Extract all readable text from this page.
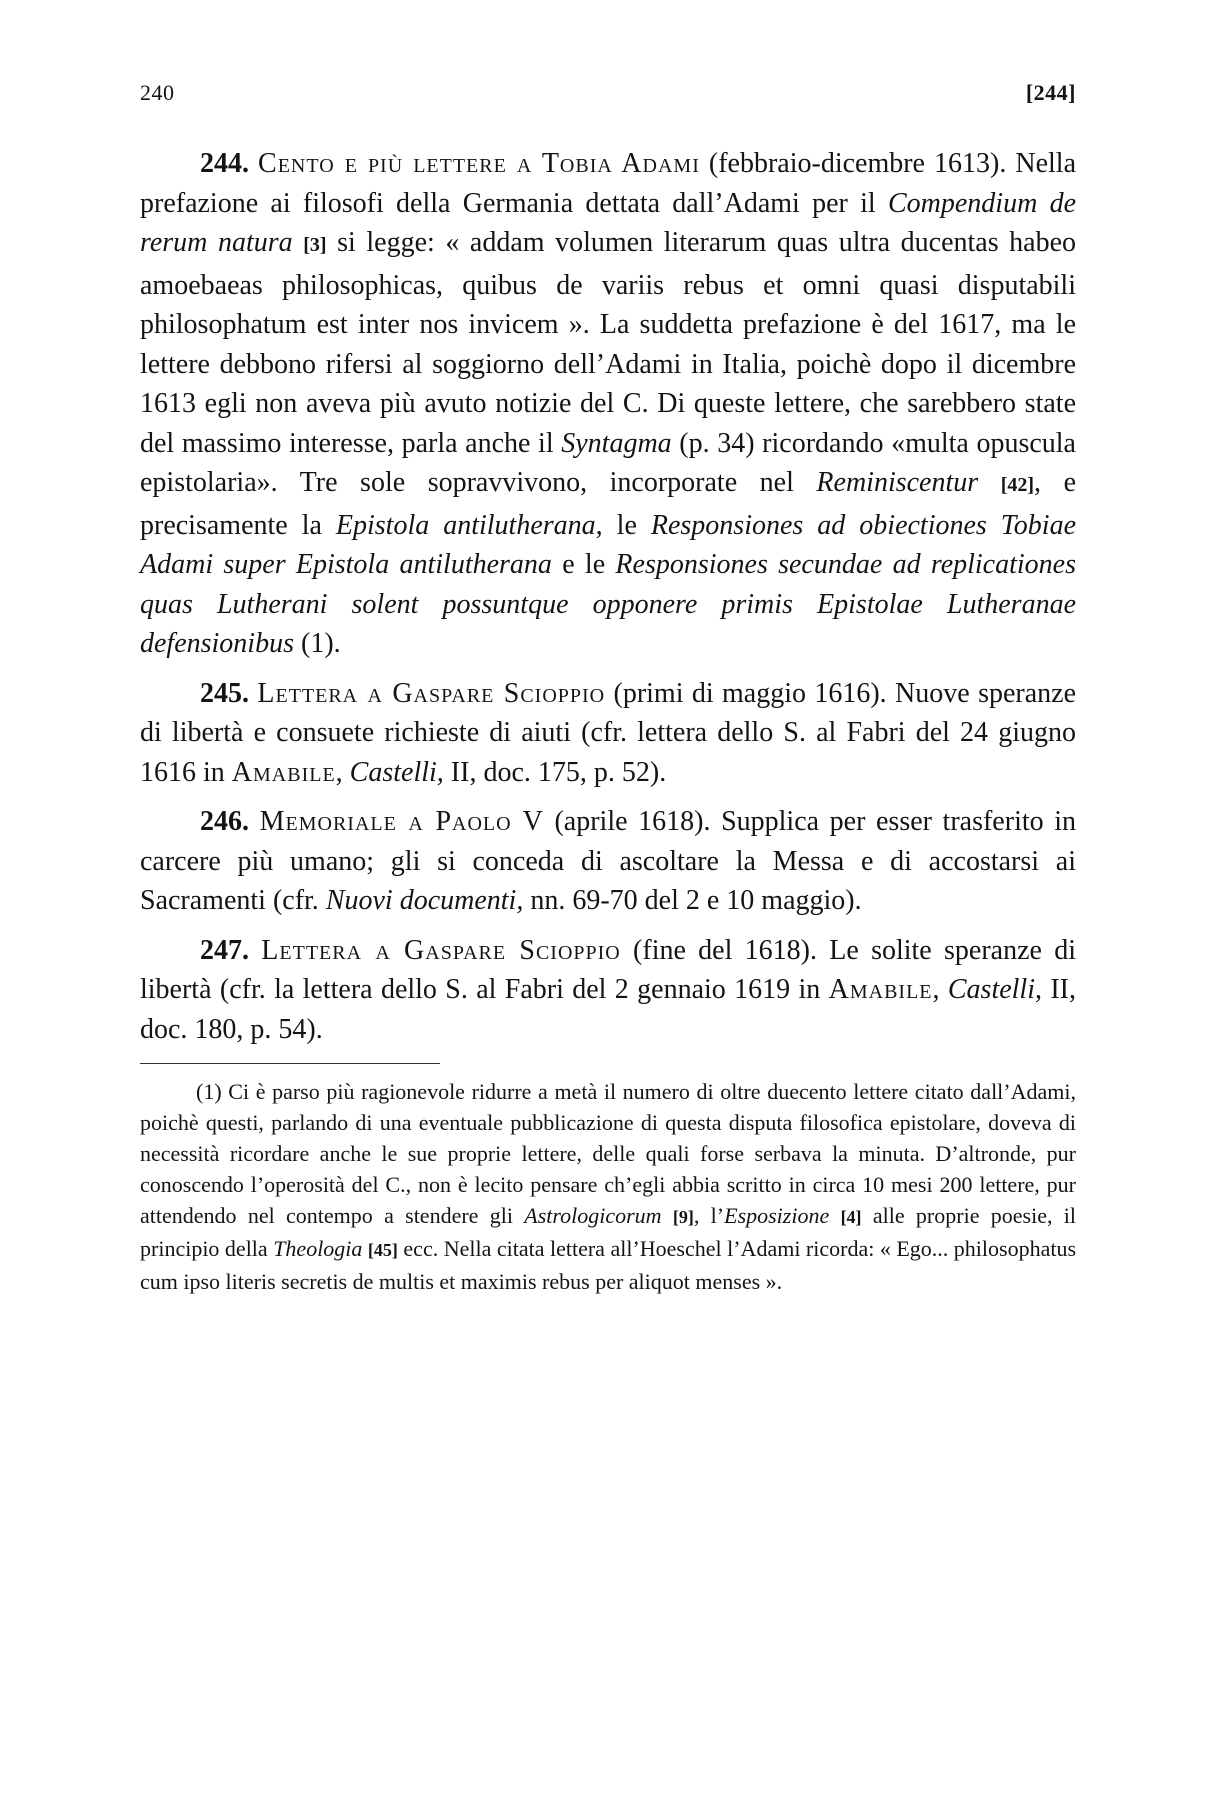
240	[244]

244. Cento e più lettere a Tobia Adami (febbraio-dicembre 1613). Nella prefazione ai filosofi della Germania dettata dall’Adami per il Compendium de rerum natura [3] si legge: « addam volumen literarum quas ultra ducentas habeo amoebaeas philosophicas, quibus de variis rebus et omni quasi disputabili philosophatum est inter nos invicem ». La suddetta prefazione è del 1617, ma le lettere debbono rifersi al soggiorno dell’Adami in Italia, poichè dopo il dicembre 1613 egli non aveva più avuto notizie del C. Di queste lettere, che sarebbero state del massimo interesse, parla anche il Syntagma (p. 34) ricordando «multa opuscula epistolaria». Tre sole sopravvivono, incorporate nel Reminiscentur [42], e precisamente la Epistola antilutherana, le Responsiones ad obiectiones Tobiae Adami super Epistola antilutherana e le Responsiones secundae ad replicationes quas Lutherani solent possuntque opponere primis Epistolae Lutheranae defensionibus (1).

245. Lettera a Gaspare Scioppio (primi di maggio 1616). Nuove speranze di libertà e consuete richieste di aiuti (cfr. lettera dello S. al Fabri del 24 giugno 1616 in Amabile, Castelli, II, doc. 175, p. 52).

246. Memoriale a Paolo V (aprile 1618). Supplica per esser trasferito in carcere più umano; gli si conceda di ascoltare la Messa e di accostarsi ai Sacramenti (cfr. Nuovi documenti, nn. 69-70 del 2 e 10 maggio).

247. Lettera a Gaspare Scioppio (fine del 1618). Le solite speranze di libertà (cfr. la lettera dello S. al Fabri del 2 gennaio 1619 in Amabile, Castelli, II, doc. 180, p. 54).

(1) Ci è parso più ragionevole ridurre a metà il numero di oltre duecento lettere citato dall’Adami, poichè questi, parlando di una eventuale pubblicazione di questa disputa filosofica epistolare, doveva di necessità ricordare anche le sue proprie lettere, delle quali forse serbava la minuta. D’altronde, pur conoscendo l’operosità del C., non è lecito pensare ch’egli abbia scritto in circa 10 mesi 200 lettere, pur attendendo nel contempo a stendere gli Astrologicorum [9], l’Esposizione [4] alle proprie poesie, il principio della Theologia [45] ecc. Nella citata lettera all’Hoeschel l’Adami ricorda: « Ego... philosophatus cum ipso literis secretis de multis et maximis rebus per aliquot menses ».
